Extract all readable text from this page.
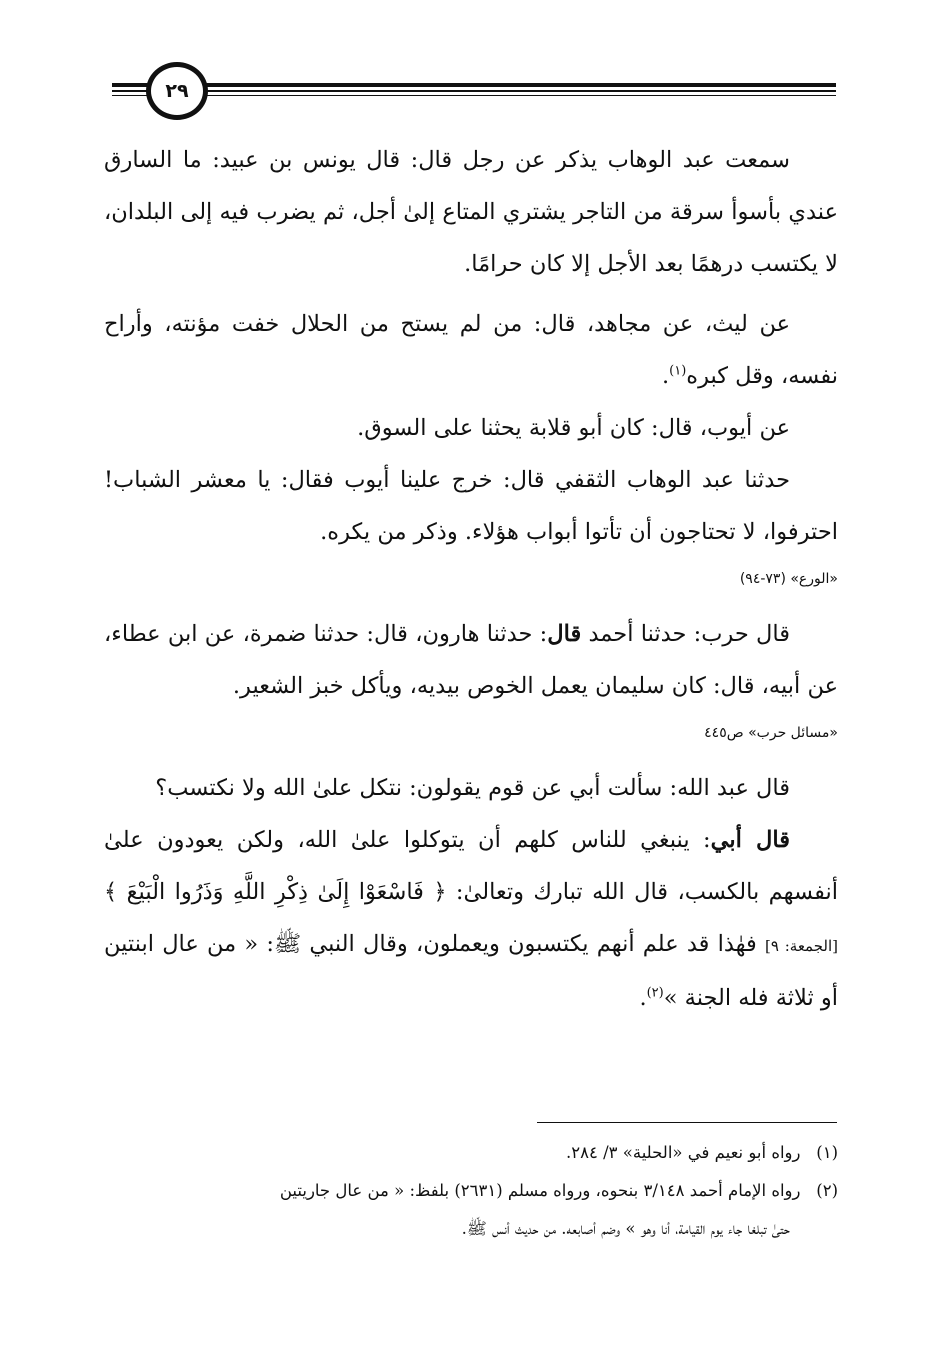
٢٩

سمعت عبد الوهاب يذكر عن رجل قال: قال يونس بن عبيد: ما السارق عندي بأسوأ سرقة من التاجر يشتري المتاع إلىٰ أجل، ثم يضرب فيه إلى البلدان، لا يكتسب درهمًا بعد الأجل إلا كان حرامًا.

عن ليث، عن مجاهد، قال: من لم يستح من الحلال خفت مؤنته، وأراح نفسه، وقل كبره$^{(١)}$.

عن أيوب، قال: كان أبو قلابة يحثنا على السوق.

حدثنا عبد الوهاب الثقفي قال: خرج علينا أيوب فقال: يا معشر الشباب! احترفوا، لا تحتاجون أن تأتوا أبواب هؤلاء. وذكر من يكره.

«الورع» (٧٣-٩٤)

قال حرب: حدثنا أحمد قال: حدثنا هارون، قال: حدثنا ضمرة، عن ابن عطاء، عن أبيه، قال: كان سليمان يعمل الخوص بيديه، ويأكل خبز الشعير.

«مسائل حرب» ص٤٤٥

قال عبد الله: سألت أبي عن قوم يقولون: نتكل علىٰ الله ولا نكتسب؟

قال أبي: ينبغي للناس كلهم أن يتوكلوا علىٰ الله، ولكن يعودون علىٰ أنفسهم بالكسب، قال الله تبارك وتعالىٰ: ﴿ فَاسْعَوْا إِلَىٰ ذِكْرِ اللَّهِ وَذَرُوا الْبَيْعَ ﴾ [الجمعة: ٩] فهٰذا قد علم أنهم يكتسبون ويعملون، وقال النبي ﷺ: « من عال ابنتين أو ثلاثة فله الجنة »$^{(٢)}$.

(١)   رواه أبو نعيم في «الحلية» ٣/ ٢٨٤.

(٢)   رواه الإمام أحمد ٣/١٤٨ بنحوه، ورواه مسلم (٢٦٣١) بلفظ: « من عال جاريتين
حتىٰ تبلغا جاء يوم القيامة، أنا وهو » وضم أصابعه. من حديث أنس ﷺ.
